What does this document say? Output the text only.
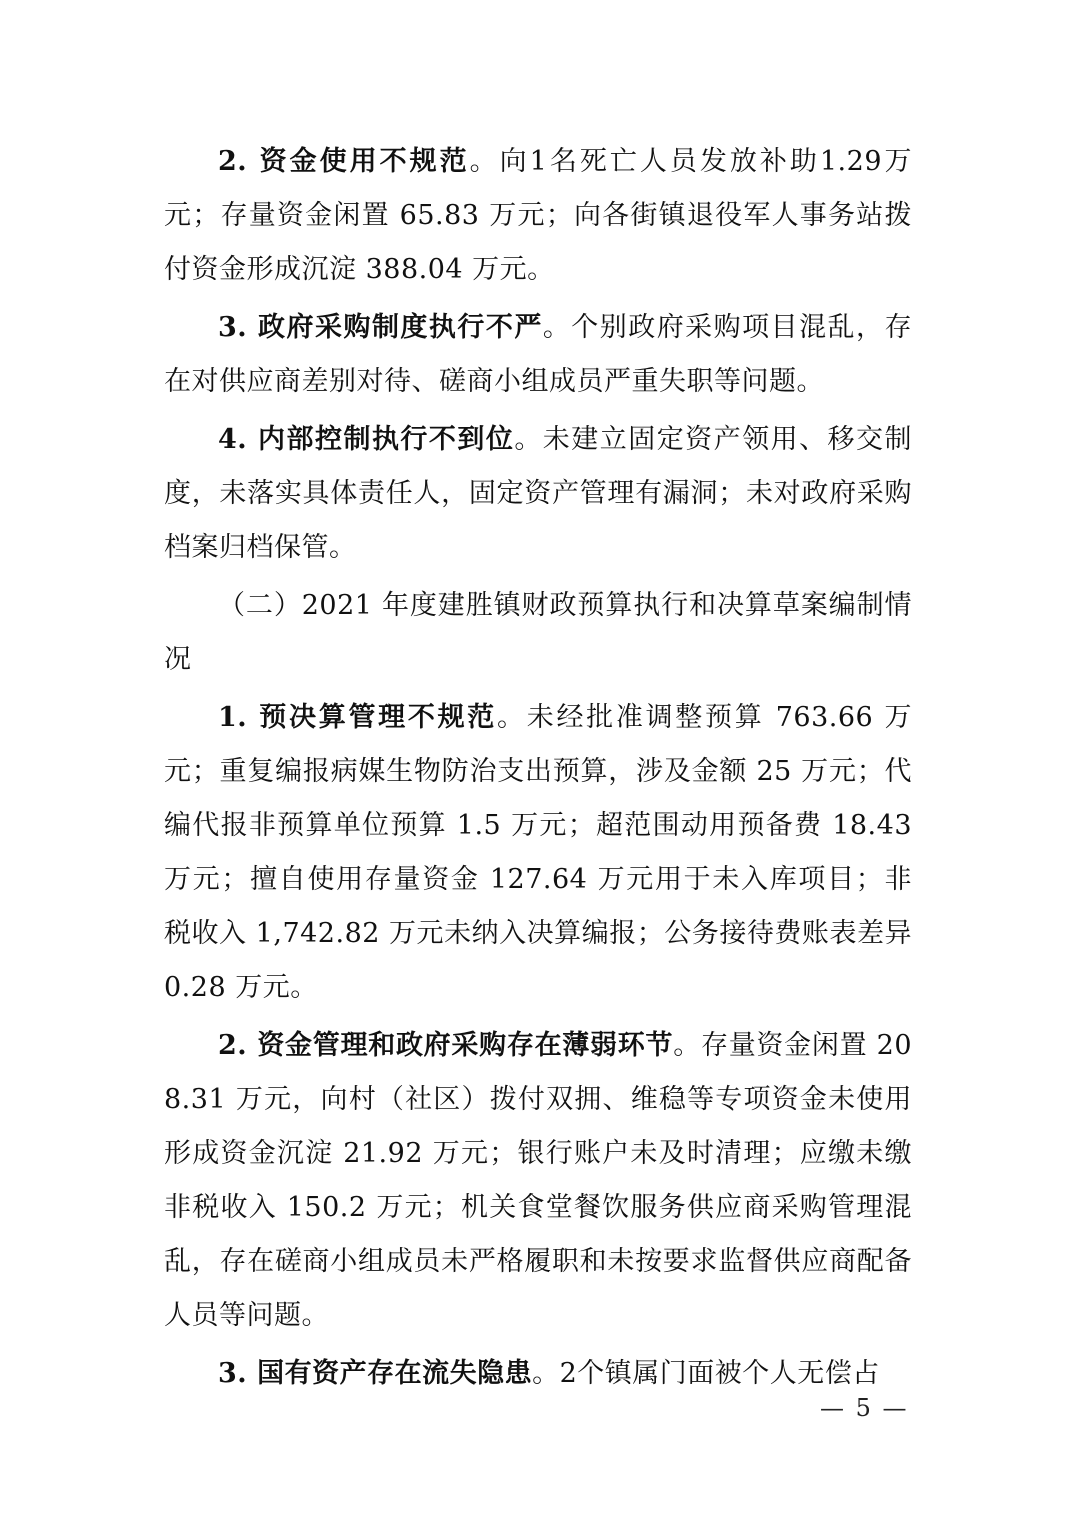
2. 资金使用不规范。向1名死亡人员发放补助1.29万元；存量资金闲置 65.83 万元；向各街镇退役军人事务站拨付资金形成沉淀 388.04 万元。

3. 政府采购制度执行不严。个别政府采购项目混乱，存在对供应商差别对待、磋商小组成员严重失职等问题。

4. 内部控制执行不到位。未建立固定资产领用、移交制度，未落实具体责任人，固定资产管理有漏洞；未对政府采购档案归档保管。

（二）2021 年度建胜镇财政预算执行和决算草案编制情况

1. 预决算管理不规范。未经批准调整预算 763.66 万元；重复编报病媒生物防治支出预算，涉及金额 25 万元；代编代报非预算单位预算 1.5 万元；超范围动用预备费 18.43 万元；擅自使用存量资金 127.64 万元用于未入库项目；非税收入 1,742.82 万元未纳入决算编报；公务接待费账表差异 0.28 万元。

2. 资金管理和政府采购存在薄弱环节。存量资金闲置 208.31 万元，向村（社区）拨付双拥、维稳等专项资金未使用形成资金沉淀 21.92 万元；银行账户未及时清理；应缴未缴非税收入 150.2 万元；机关食堂餐饮服务供应商采购管理混乱，存在磋商小组成员未严格履职和未按要求监督供应商配备人员等问题。

3. 国有资产存在流失隐患。2个镇属门面被个人无偿占

— 5 —
